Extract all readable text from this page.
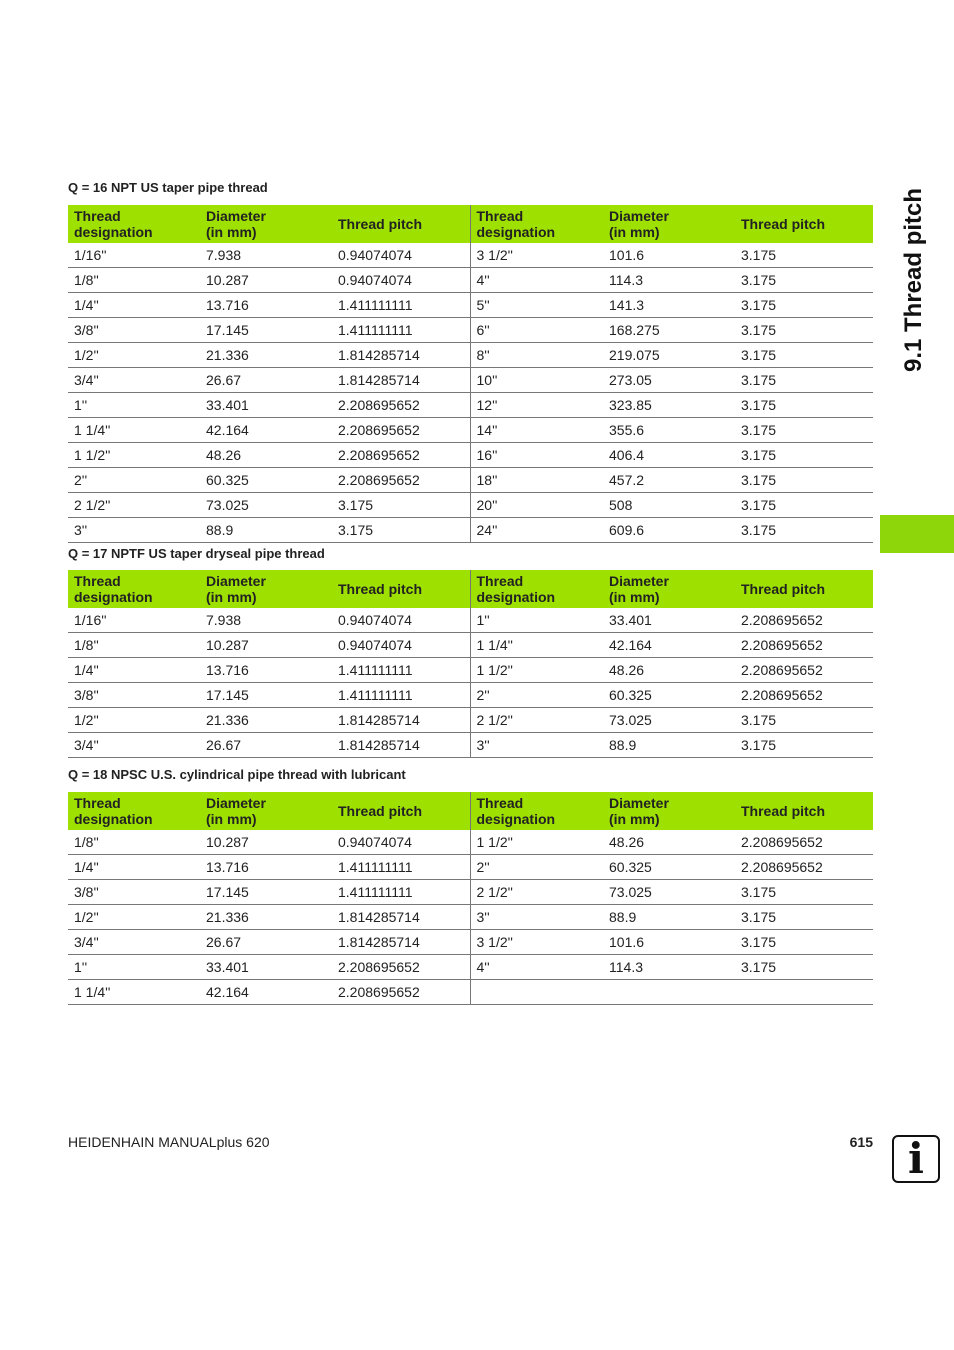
9.1 Thread pitch
Q = 16 NPT US taper pipe thread
Thread
designation	Diameter
(in mm)	Thread pitch	Thread
designation	Diameter
(in mm)	Thread pitch
1/16''	7.938	0.94074074	3 1/2''	101.6	3.175
1/8''	10.287	0.94074074	4''	114.3	3.175
1/4''	13.716	1.411111111	5''	141.3	3.175
3/8''	17.145	1.411111111	6''	168.275	3.175
1/2''	21.336	1.814285714	8''	219.075	3.175
3/4''	26.67	1.814285714	10''	273.05	3.175
1''	33.401	2.208695652	12''	323.85	3.175
1 1/4''	42.164	2.208695652	14''	355.6	3.175
1 1/2''	48.26	2.208695652	16''	406.4	3.175
2''	60.325	2.208695652	18''	457.2	3.175
2 1/2''	73.025	3.175	20''	508	3.175
3''	88.9	3.175	24''	609.6	3.175
Q = 17 NPTF US taper dryseal pipe thread
Thread
designation	Diameter
(in mm)	Thread pitch	Thread
designation	Diameter
(in mm)	Thread pitch
1/16''	7.938	0.94074074	1''	33.401	2.208695652
1/8''	10.287	0.94074074	1 1/4''	42.164	2.208695652
1/4''	13.716	1.411111111	1 1/2''	48.26	2.208695652
3/8''	17.145	1.411111111	2''	60.325	2.208695652
1/2''	21.336	1.814285714	2 1/2''	73.025	3.175
3/4''	26.67	1.814285714	3''	88.9	3.175
Q = 18 NPSC U.S. cylindrical pipe thread with lubricant
Thread
designation	Diameter
(in mm)	Thread pitch	Thread
designation	Diameter
(in mm)	Thread pitch
1/8''	10.287	0.94074074	1 1/2''	48.26	2.208695652
1/4''	13.716	1.411111111	2''	60.325	2.208695652
3/8''	17.145	1.411111111	2 1/2''	73.025	3.175
1/2''	21.336	1.814285714	3''	88.9	3.175
3/4''	26.67	1.814285714	3 1/2''	101.6	3.175
1''	33.401	2.208695652	4''	114.3	3.175
1 1/4''	42.164	2.208695652			
HEIDENHAIN MANUALplus 620	615 i
